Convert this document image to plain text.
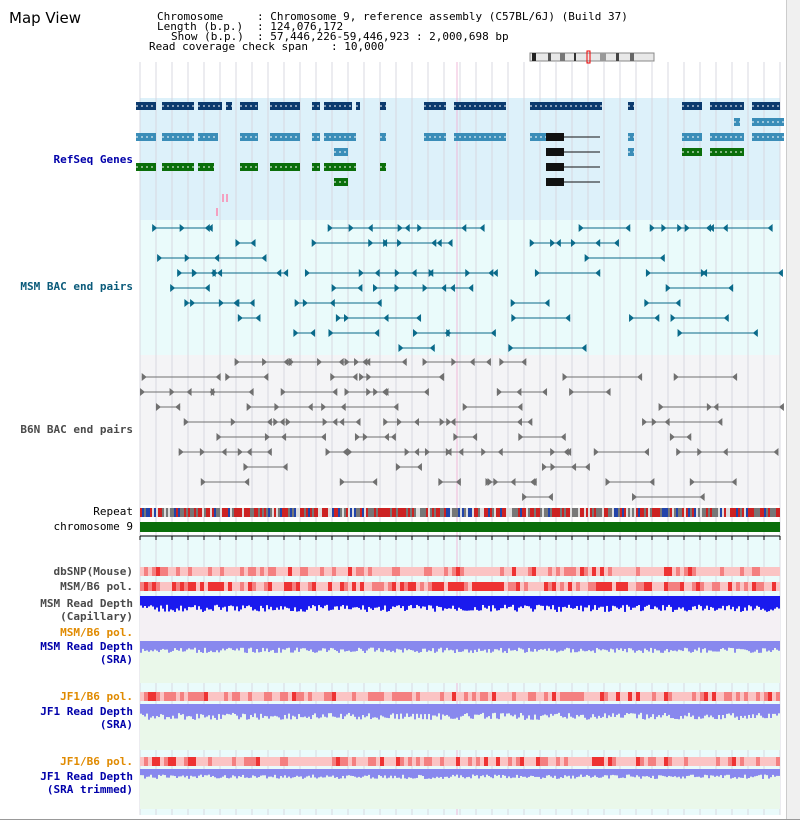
Map View	Chromosome	: Chromosome 9, reference assembly (C57BL/6J) (Build 37)
Length (b.p.) : 124,076,172
Show (b.p.) : 57,446,226-59,446,923 : 2,000,698 bp
Read coverage check span : 10,000
RefSeq Genes
MSM BAC end pairs
B6N BAC end pairs
Repeat
chromosome 9
dbSNP(Mouse)
MSM/B6 pol.
MSM Read Depth
(Capillary)
MSM/B6 pol.
MSM Read Depth
(SRA)
JF1/B6 pol.
JF1 Read Depth
(SRA)
JF1/B6 pol.
JF1 Read Depth
(SRA trimmed)
